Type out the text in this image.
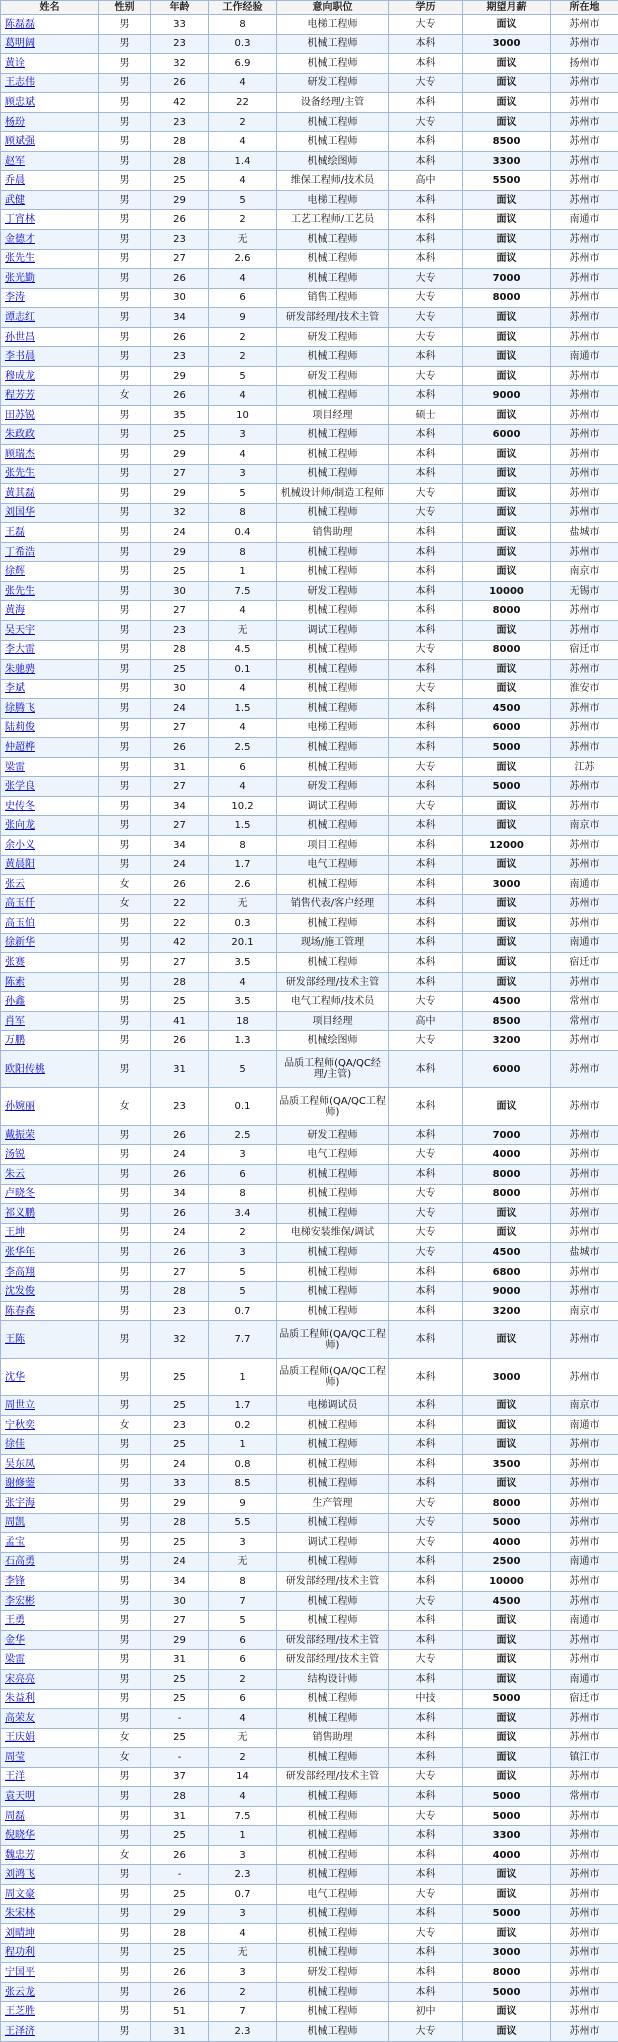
姓名	性别	年龄	工作经验	意向职位	学历	期望月薪	所在地
陈磊磊	男	33	8	电梯工程师	大专	面议	苏州市
葛明阔	男	23	0.3	机械工程师	本科	3000	苏州市
黄诠	男	32	6.9	机械工程师	本科	面议	扬州市
王志伟	男	26	4	研发工程师	大专	面议	苏州市
顾忠斌	男	42	22	设备经理/主管	本科	面议	苏州市
杨玢	男	23	2	机械工程师	大专	面议	苏州市
顾斌强	男	28	4	机械工程师	本科	8500	苏州市
赵军	男	28	1.4	机械绘图师	本科	3300	苏州市
乔晨	男	25	4	维保工程师/技术员	高中	5500	苏州市
武健	男	29	5	电梯工程师	本科	面议	苏州市
丁宵林	男	26	2	工艺工程师/工艺员	本科	面议	南通市
金德才	男	23	无	机械工程师	本科	面议	苏州市
张先生	男	27	2.6	机械工程师	本科	面议	苏州市
张光勤	男	26	4	机械工程师	大专	7000	苏州市
李涛	男	30	6	销售工程师	大专	8000	苏州市
谭志红	男	34	9	研发部经理/技术主管	大专	面议	苏州市
孙世昌	男	26	2	研发工程师	大专	面议	苏州市
李书晨	男	23	2	机械工程师	本科	面议	南通市
穆成龙	男	29	5	研发工程师	大专	面议	苏州市
程芳芳	女	26	4	机械工程师	本科	9000	苏州市
田苏锐	男	35	10	项目经理	硕士	面议	苏州市
朱政政	男	25	3	机械工程师	本科	6000	苏州市
顾瑞杰	男	29	4	机械工程师	本科	面议	苏州市
张先生	男	27	3	机械工程师	本科	面议	苏州市
黄其磊	男	29	5	机械设计师/制造工程师	大专	面议	苏州市
刘国华	男	32	8	机械工程师	大专	面议	苏州市
王磊	男	24	0.4	销售助理	本科	面议	盐城市
丁希浩	男	29	8	机械工程师	本科	面议	苏州市
徐辉	男	25	1	机械工程师	本科	面议	南京市
张先生	男	30	7.5	研发工程师	本科	10000	无锡市
黄海	男	27	4	机械工程师	本科	8000	苏州市
吴天宇	男	23	无	调试工程师	本科	面议	苏州市
李大雷	男	28	4.5	机械工程师	大专	8000	宿迁市
朱驰骋	男	25	0.1	机械工程师	本科	面议	苏州市
李斌	男	30	4	机械工程师	大专	面议	淮安市
徐腾飞	男	24	1.5	机械工程师	本科	4500	苏州市
陆莉俊	男	27	4	电梯工程师	本科	6000	苏州市
仲超桦	男	26	2.5	机械工程师	本科	5000	苏州市
梁雷	男	31	6	机械工程师	大专	面议	江苏
张学良	男	27	4	研发工程师	本科	5000	苏州市
史传冬	男	34	10.2	调试工程师	大专	面议	苏州市
张向龙	男	27	1.5	机械工程师	本科	面议	南京市
余小义	男	34	8	项目工程师	本科	12000	苏州市
黄晨阳	男	24	1.7	电气工程师	本科	面议	苏州市
张云	女	26	2.6	机械工程师	本科	3000	南通市
高玉仟	女	22	无	销售代表/客户经理	本科	面议	苏州市
高玉伯	男	22	0.3	机械工程师	本科	面议	苏州市
徐新华	男	42	20.1	现场/施工管理	本科	面议	南通市
张赛	男	27	3.5	机械工程师	本科	面议	宿迁市
陈索	男	28	4	研发部经理/技术主管	本科	面议	苏州市
孙鑫	男	25	3.5	电气工程师/技术员	大专	4500	常州市
肖军	男	41	18	项目经理	高中	8500	常州市
万鹏	男	26	1.3	机械绘图师	大专	3200	苏州市
欧阳传桃	男	31	5	品质工程师(QA/QC经理/主管)	本科	6000	苏州市
孙婉丽	女	23	0.1	品质工程师(QA/QC工程师)	本科	面议	苏州市
戴振荣	男	26	2.5	研发工程师	本科	7000	苏州市
汤锐	男	24	3	电气工程师	大专	4000	苏州市
朱云	男	26	6	机械工程师	本科	8000	苏州市
卢晓冬	男	34	8	机械工程师	大专	8000	苏州市
祁义鹏	男	26	3.4	机械工程师	大专	面议	苏州市
王坤	男	24	2	电梯安装维保/调试	大专	面议	苏州市
张华年	男	26	3	机械工程师	大专	4500	盐城市
李高翔	男	27	5	机械工程师	本科	6800	苏州市
沈发俊	男	28	5	机械工程师	本科	9000	苏州市
陈春森	男	23	0.7	机械工程师	本科	3200	南京市
王陈	男	32	7.7	品质工程师(QA/QC工程师)	本科	面议	苏州市
沈华	男	25	1	品质工程师(QA/QC工程师)	本科	3000	苏州市
周世立	男	25	1.7	电梯调试员	本科	面议	南京市
宁秋奕	女	23	0.2	机械工程师	本科	面议	南通市
徐佳	男	25	1	机械工程师	本科	面议	苏州市
吴东凤	男	24	0.8	机械工程师	本科	3500	苏州市
谢修蓥	男	33	8.5	机械工程师	本科	面议	苏州市
张宇海	男	29	9	生产管理	大专	8000	苏州市
周凯	男	28	5.5	机械工程师	大专	5000	苏州市
孟宝	男	25	3	调试工程师	大专	4000	苏州市
石高勇	男	24	无	机械工程师	本科	2500	南通市
李锋	男	34	8	研发部经理/技术主管	本科	10000	苏州市
李宏彬	男	30	7	机械工程师	大专	4500	苏州市
王勇	男	27	5	机械工程师	本科	面议	南通市
金华	男	29	6	研发部经理/技术主管	本科	面议	苏州市
梁雷	男	31	6	研发部经理/技术主管	大专	面议	苏州市
宋亮亮	男	25	2	结构设计师	本科	面议	南通市
朱益利	男	25	6	机械工程师	中技	5000	宿迁市
高荣友	男	-	4	机械工程师	本科	面议	苏州市
王庆娟	女	25	无	销售助理	本科	面议	苏州市
周莹	女	-	2	机械工程师	本科	面议	镇江市
王洋	男	37	14	研发部经理/技术主管	大专	面议	苏州市
袁天明	男	28	4	机械工程师	本科	5000	常州市
周磊	男	31	7.5	机械工程师	大专	5000	苏州市
倪晓华	男	25	1	机械工程师	本科	3300	苏州市
魏忠芳	女	26	3	机械工程师	本科	4000	苏州市
刘鸿飞	男	-	2.3	机械工程师	本科	面议	苏州市
周文豪	男	25	0.7	电气工程师	大专	面议	苏州市
朱宋林	男	29	3	机械工程师	本科	5000	苏州市
刘晴坤	男	28	4	机械工程师	大专	面议	苏州市
程功利	男	25	无	机械工程师	本科	3000	苏州市
宁国平	男	26	3	研发工程师	本科	8000	苏州市
张云龙	男	26	2	机械工程师	本科	5000	苏州市
王芝胜	男	51	7	机械工程师	初中	面议	苏州市
王泽济	男	31	2.3	机械工程师	大专	面议	苏州市
